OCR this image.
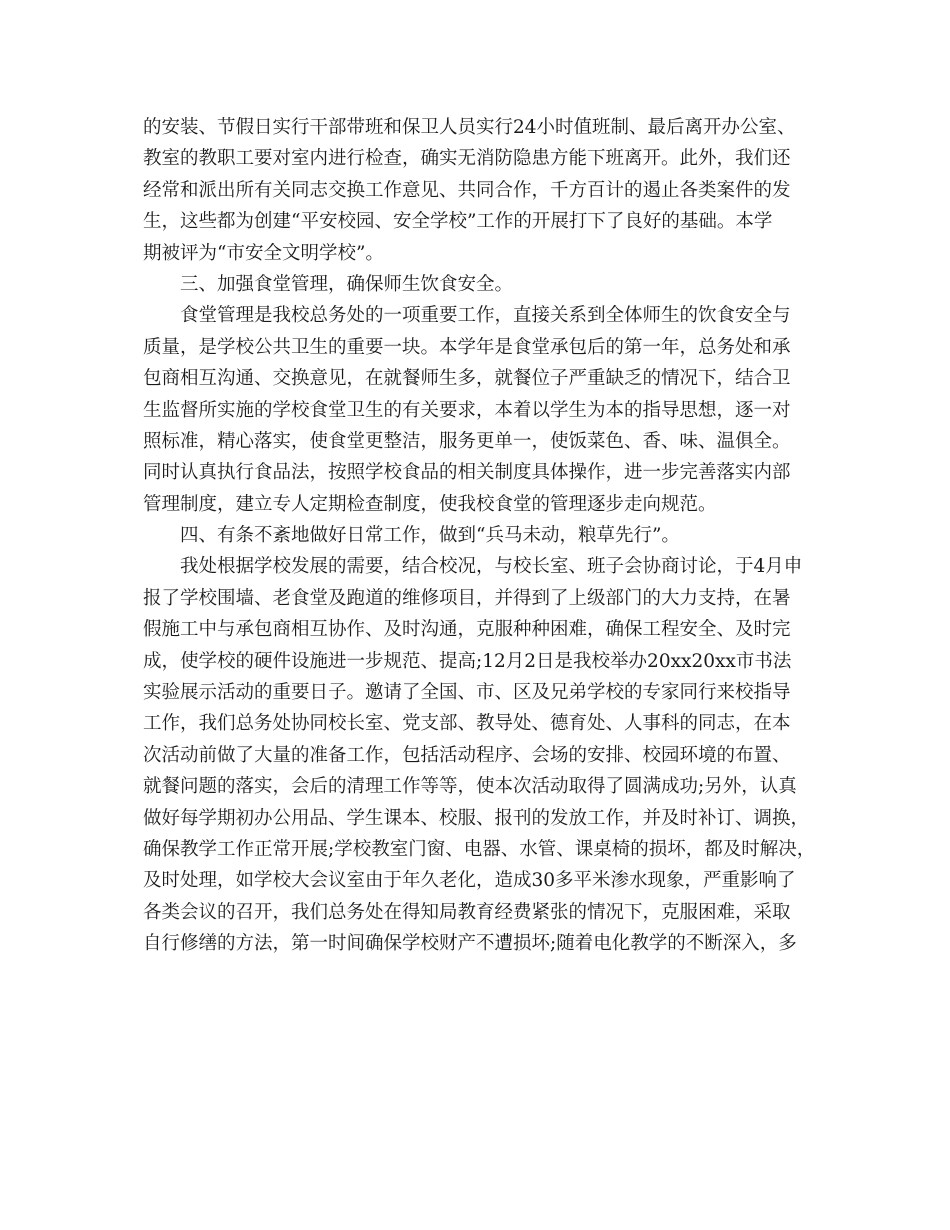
的安装、节假日实行干部带班和保卫人员实行24小时值班制、最后离开办公室、
教室的教职工要对室内进行检查，确实无消防隐患方能下班离开。此外，我们还
经常和派出所有关同志交换工作意见、共同合作，千方百计的遏止各类案件的发
生，这些都为创建“平安校园、安全学校”工作的开展打下了良好的基础。本学
期被评为“市安全文明学校”。
三、加强食堂管理，确保师生饮食安全。
食堂管理是我校总务处的一项重要工作，直接关系到全体师生的饮食安全与
质量，是学校公共卫生的重要一块。本学年是食堂承包后的第一年，总务处和承
包商相互沟通、交换意见，在就餐师生多，就餐位子严重缺乏的情况下，结合卫
生监督所实施的学校食堂卫生的有关要求，本着以学生为本的指导思想，逐一对
照标准，精心落实，使食堂更整洁，服务更单一，使饭菜色、香、味、温俱全。
同时认真执行食品法，按照学校食品的相关制度具体操作，进一步完善落实内部
管理制度，建立专人定期检查制度，使我校食堂的管理逐步走向规范。
四、有条不紊地做好日常工作，做到“兵马未动，粮草先行”。
我处根据学校发展的需要，结合校况，与校长室、班子会协商讨论，于4月申
报了学校围墙、老食堂及跑道的维修项目，并得到了上级部门的大力支持，在暑
假施工中与承包商相互协作、及时沟通，克服种种困难，确保工程安全、及时完
成，使学校的硬件设施进一步规范、提高;12月2日是我校举办20xx20xx市书法
实验展示活动的重要日子。邀请了全国、市、区及兄弟学校的专家同行来校指导
工作，我们总务处协同校长室、党支部、教导处、德育处、人事科的同志，在本
次活动前做了大量的准备工作，包括活动程序、会场的安排、校园环境的布置、
就餐问题的落实，会后的清理工作等等，使本次活动取得了圆满成功;另外，认真
做好每学期初办公用品、学生课本、校服、报刊的发放工作，并及时补订、调换，
确保教学工作正常开展;学校教室门窗、电器、水管、课桌椅的损坏，都及时解决，
及时处理，如学校大会议室由于年久老化，造成30多平米渗水现象，严重影响了
各类会议的召开，我们总务处在得知局教育经费紧张的情况下，克服困难，采取
自行修缮的方法，第一时间确保学校财产不遭损坏;随着电化教学的不断深入，多
